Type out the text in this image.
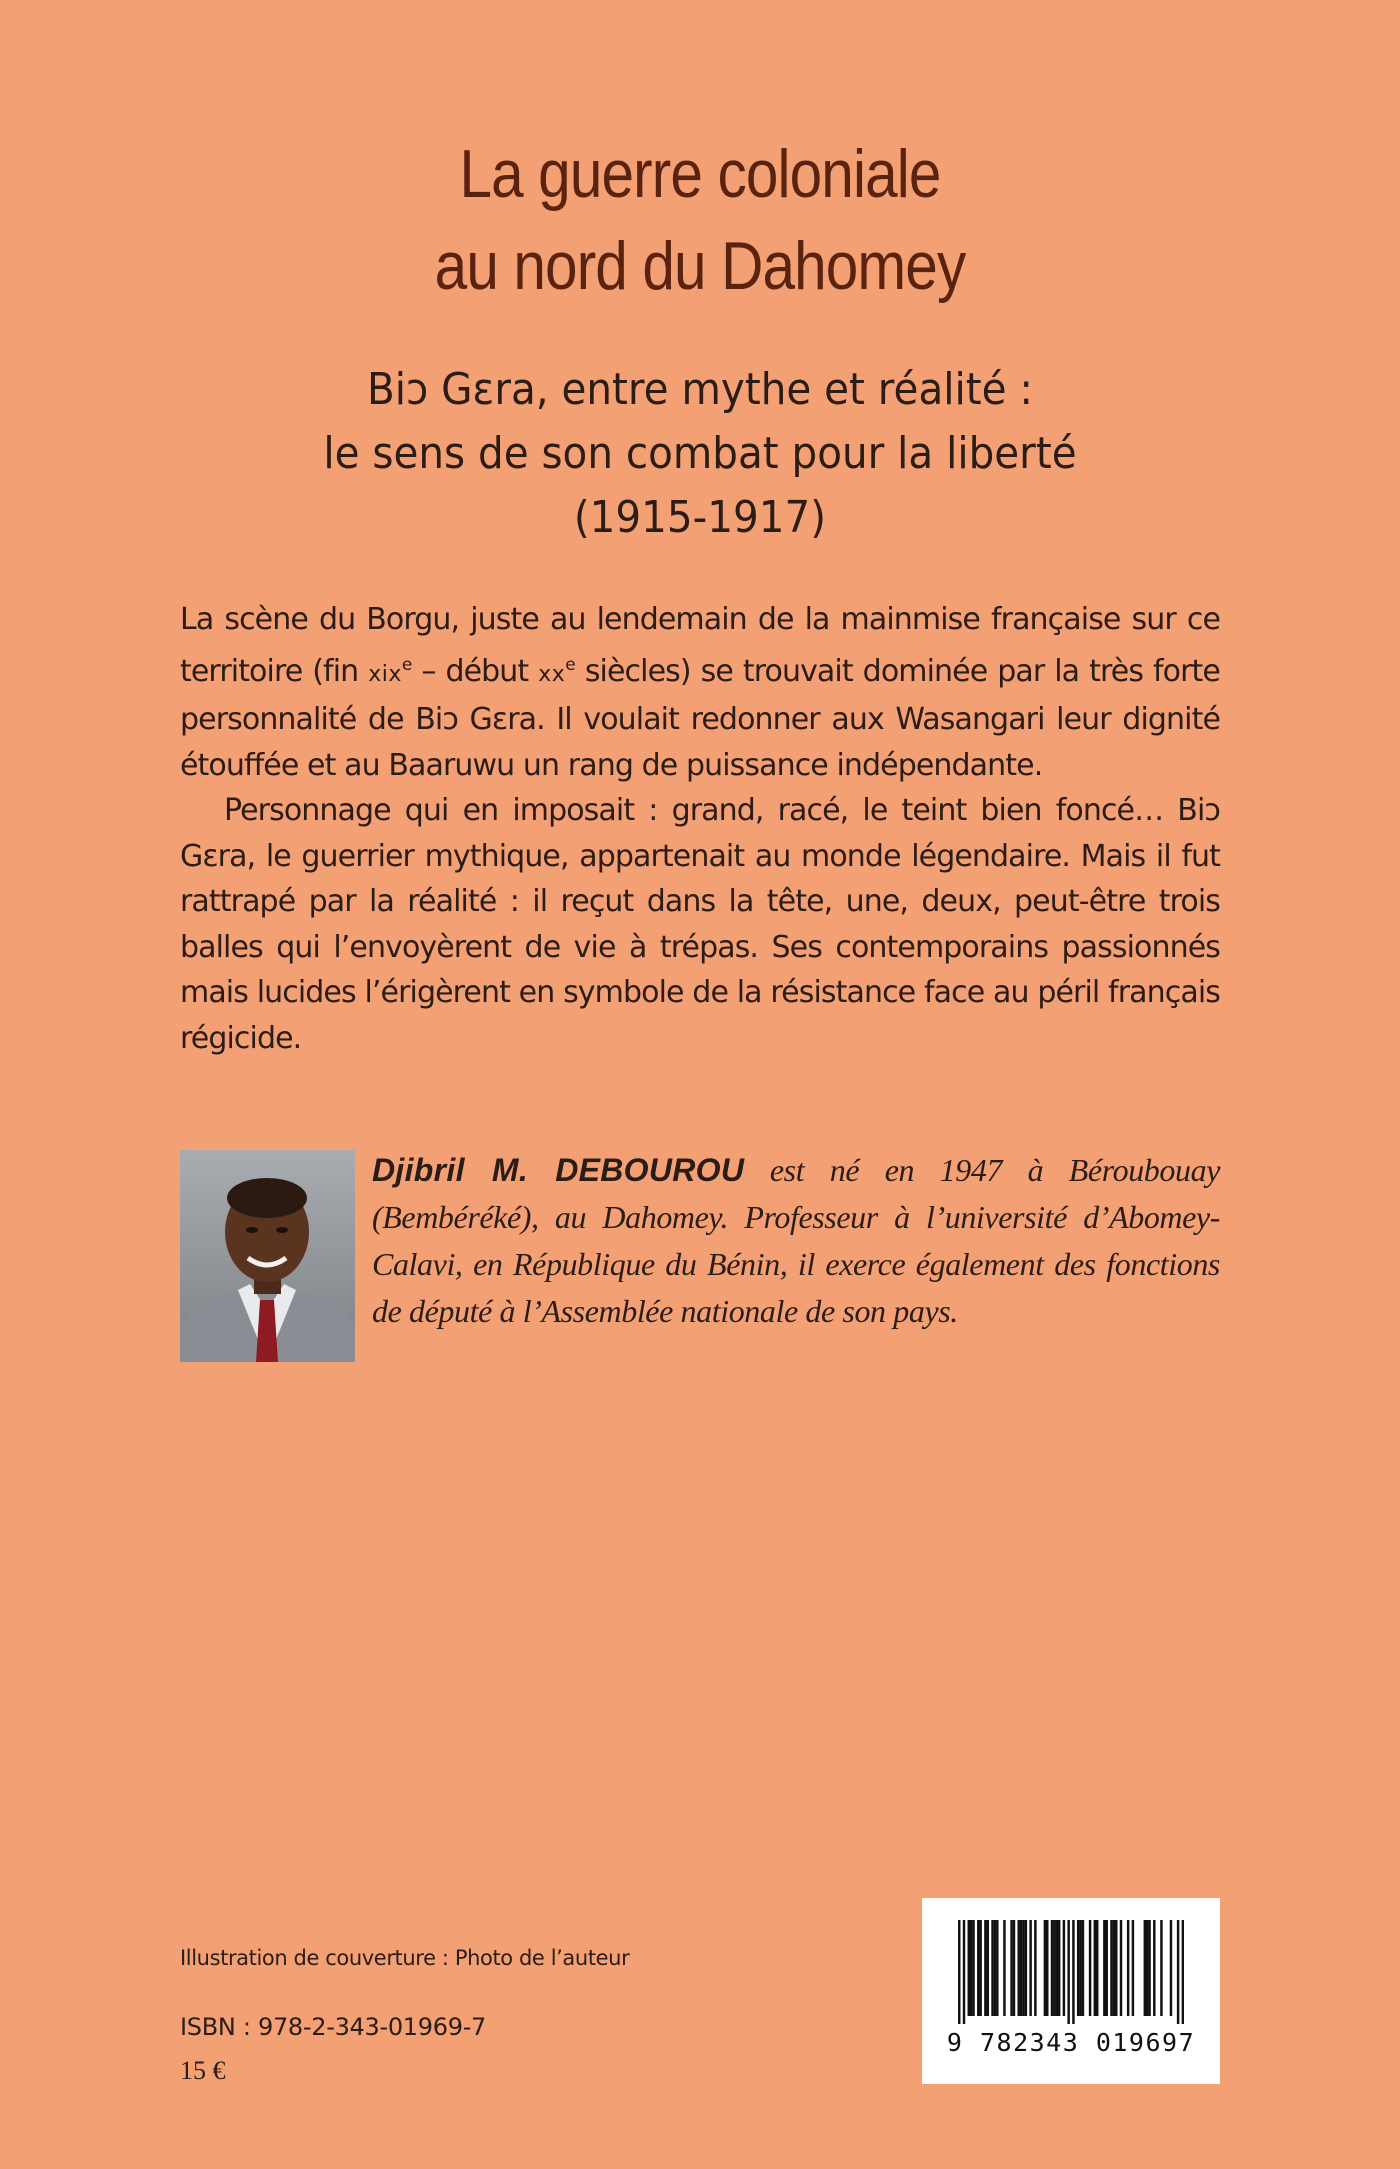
La guerre coloniale
au nord du Dahomey
Biɔ Gɛra, entre mythe et réalité :
le sens de son combat pour la liberté
(1915-1917)

La scène du Borgu, juste au lendemain de la mainmise française sur ce territoire (fin xix$^e$ – début $xx^e$ siècles) se trouvait dominée par la très forte personnalité de Biɔ Gɛra. Il voulait redonner aux Wasangari leur dignité étouffée et au Baaruwu un rang de puissance indépendante.

Personnage qui en imposait : grand, racé, le teint bien foncé… Biɔ Gɛra, le guerrier mythique, appartenait au monde légendaire. Mais il fut rattrapé par la réalité : il reçut dans la tête, une, deux, peut-être trois balles qui l’envoyèrent de vie à trépas. Ses contemporains passionnés mais lucides l’érigèrent en symbole de la résistance face au péril français régicide.

Djibril M. DEBOUROU est né en 1947 à Béroubouay (Bembéréké), au Dahomey. Professeur à l’université d’Abomey-Calavi, en République du Bénin, il exerce également des fonctions de député à l’Assemblée nationale de son pays.
Illustration de couverture : Photo de l’auteur
ISBN : 978-2-343-01969-7
15 €
9 782343 019697
